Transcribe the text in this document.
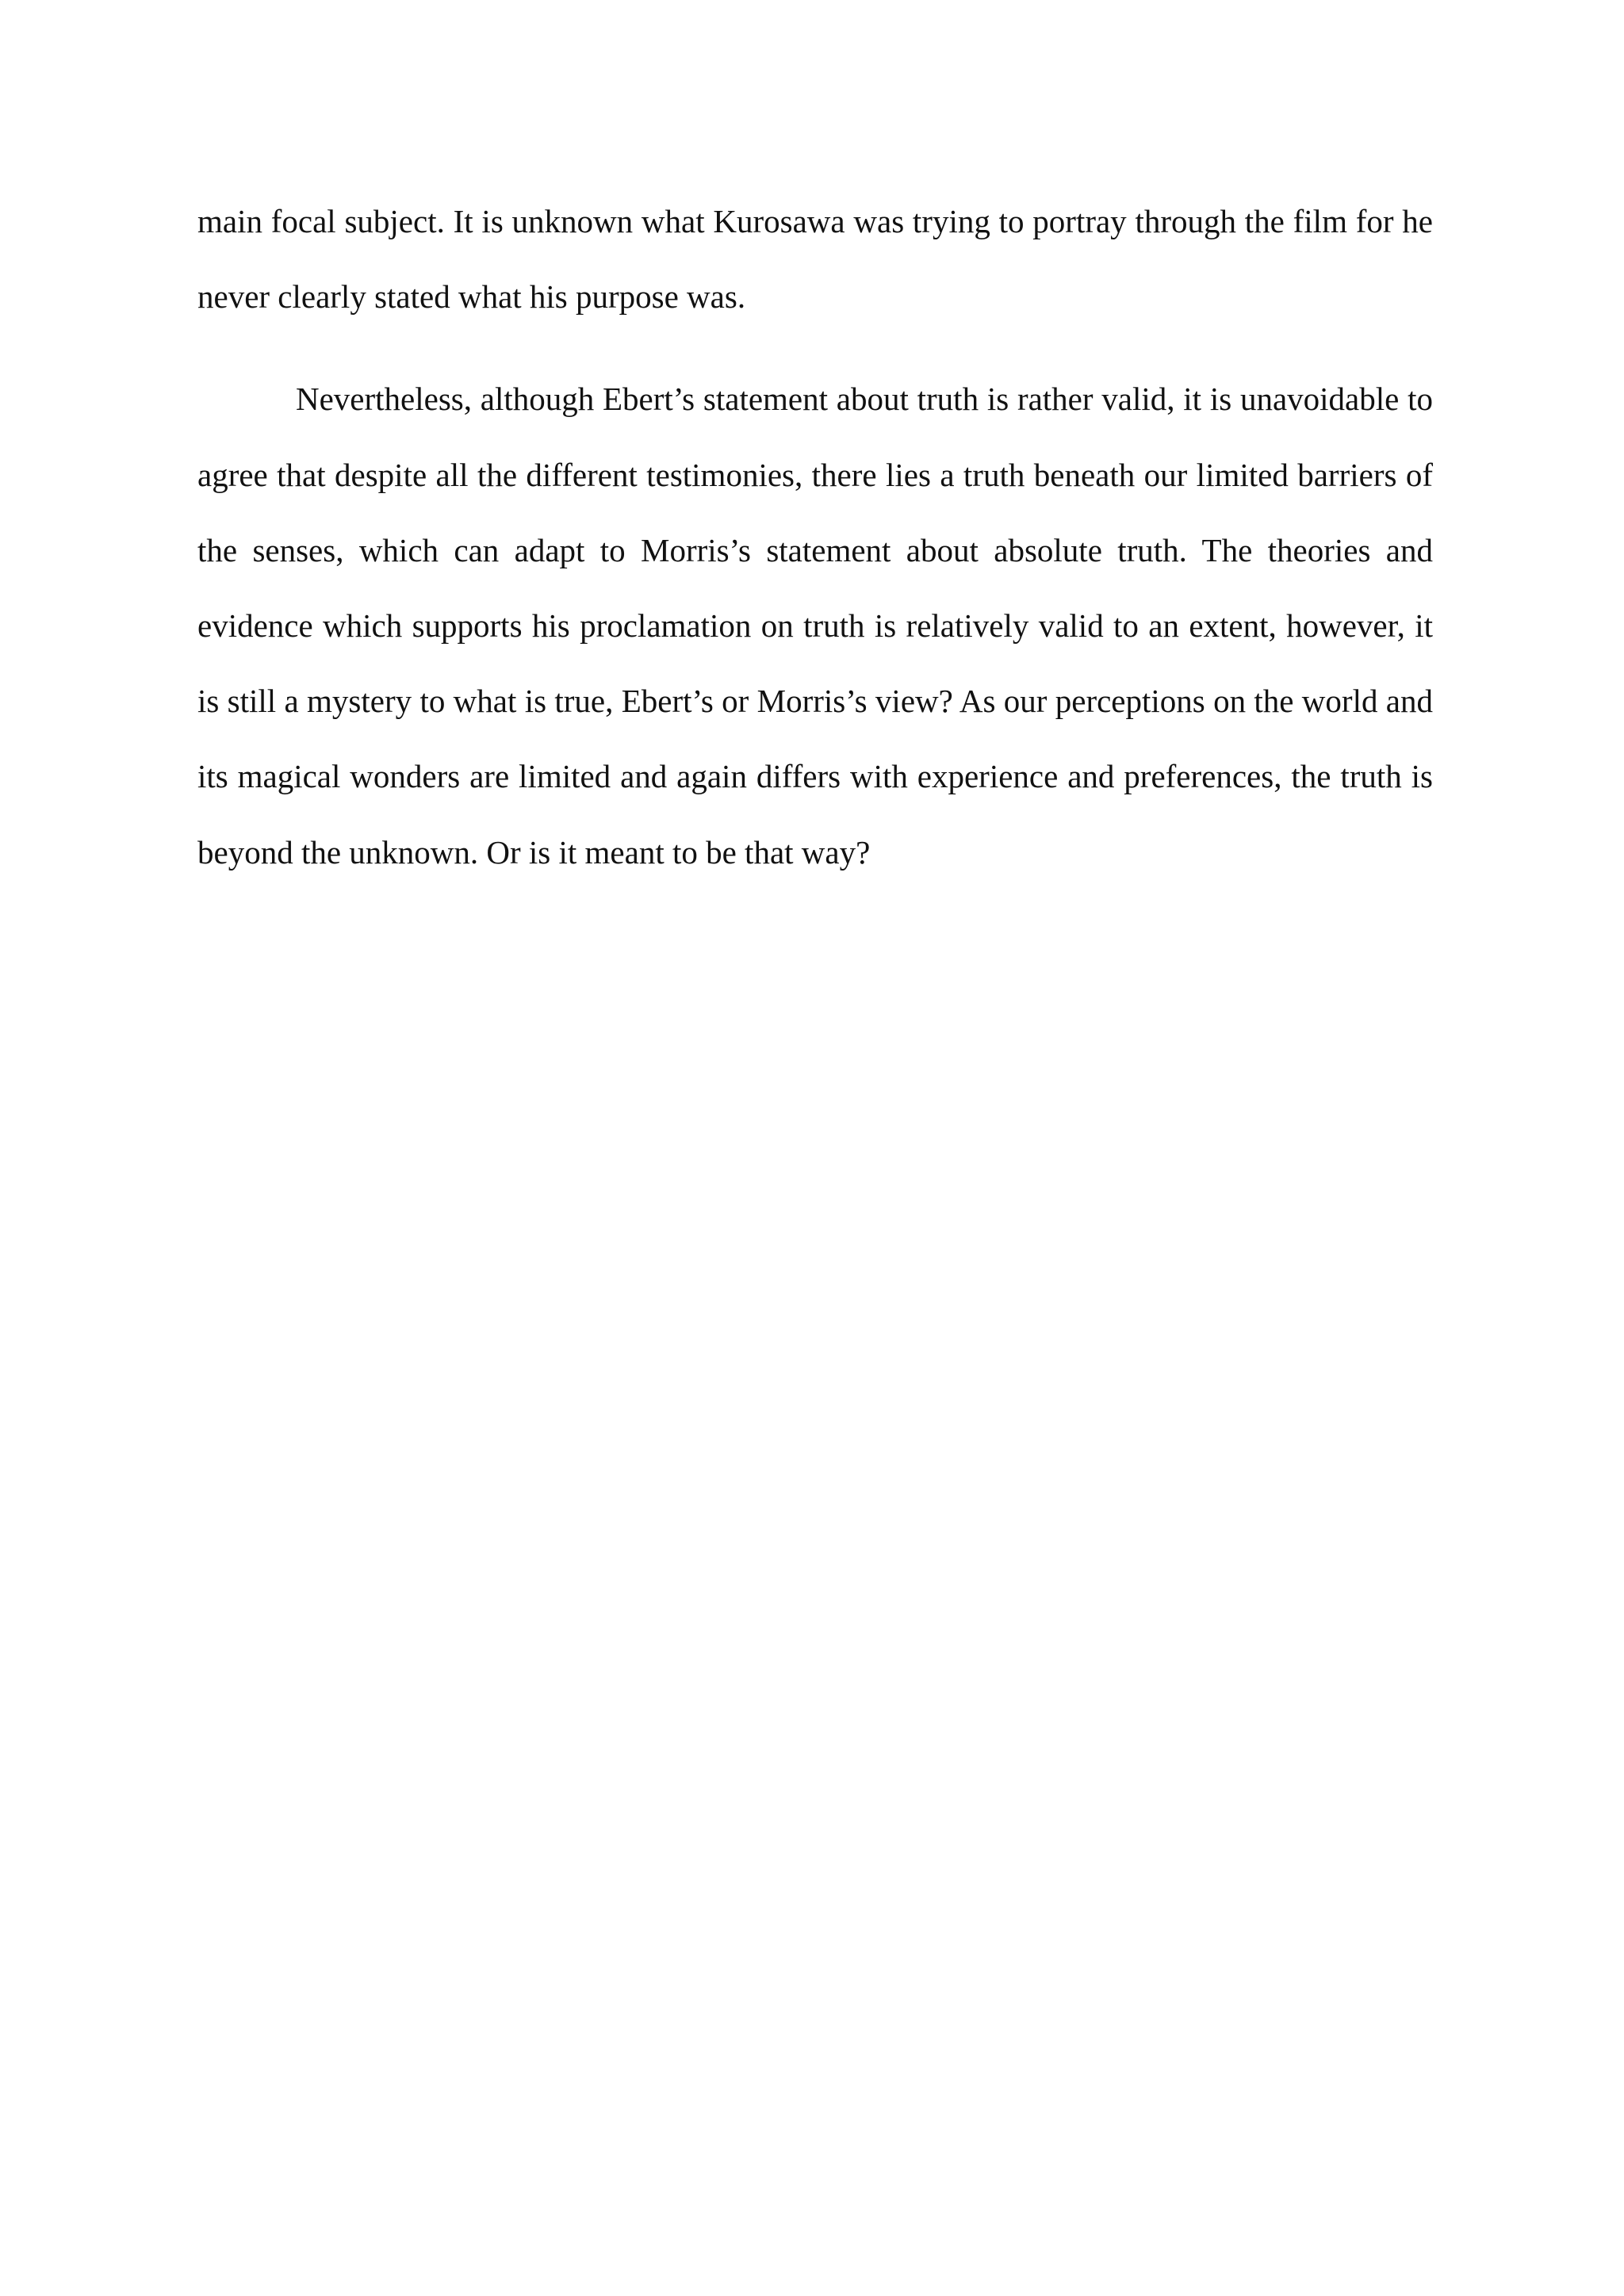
main focal subject. It is unknown what Kurosawa was trying to portray through the film for he never clearly stated what his purpose was.

Nevertheless, although Ebert’s statement about truth is rather valid, it is unavoidable to agree that despite all the different testimonies, there lies a truth beneath our limited barriers of the senses, which can adapt to Morris’s statement about absolute truth. The theories and evidence which supports his proclamation on truth is relatively valid to an extent, however, it is still a mystery to what is true, Ebert’s or Morris’s view? As our perceptions on the world and its magical wonders are limited and again differs with experience and preferences, the truth is beyond the unknown. Or is it meant to be that way?
